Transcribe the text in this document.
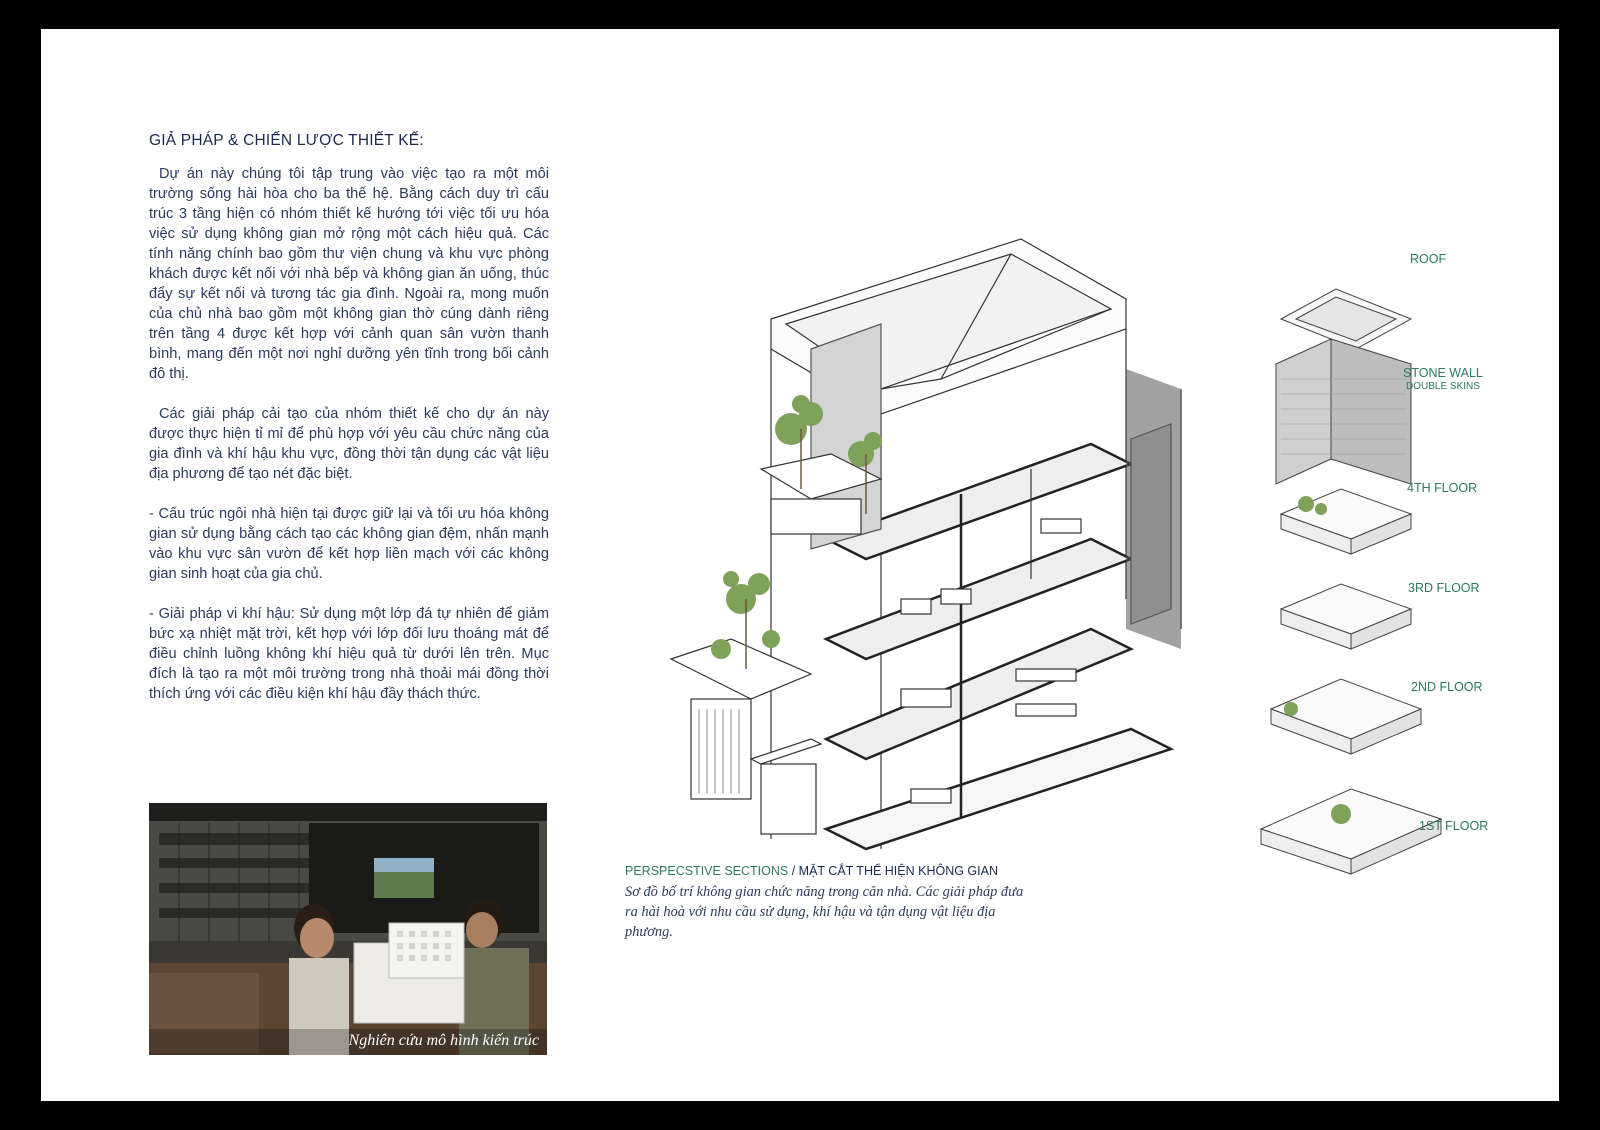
GIẢ PHÁP & CHIẾN LƯỢC THIẾT KẾ:

Dự án này chúng tôi tập trung vào việc tạo ra một môi trường sống hài hòa cho ba thế hệ. Bằng cách duy trì cấu trúc 3 tầng hiện có nhóm thiết kế hướng tới việc tối ưu hóa việc sử dụng không gian mở rộng một cách hiệu quả. Các tính năng chính bao gồm thư viện chung và khu vực phòng khách được kết nối với nhà bếp và không gian ăn uống, thúc đẩy sự kết nối và tương tác gia đình. Ngoài ra, mong muốn của chủ nhà bao gồm một không gian thờ cúng dành riêng trên tầng 4 được kết hợp với cảnh quan sân vườn thanh bình, mang đến một nơi nghỉ dưỡng yên tĩnh trong bối cảnh đô thị.

Các giải pháp cải tạo của nhóm thiết kế cho dự án này được thực hiện tỉ mỉ để phù hợp với yêu cầu chức năng của gia đình và khí hậu khu vực, đồng thời tận dụng các vật liệu địa phương để tạo nét đặc biệt.

- Cấu trúc ngôi nhà hiện tại được giữ lại và tối ưu hóa không gian sử dụng bằng cách tạo các không gian đệm, nhấn mạnh vào khu vực sân vườn để kết hợp liền mạch với các không gian sinh hoạt của gia chủ.

- Giải pháp vi khí hậu: Sử dụng một lớp đá tự nhiên để giảm bức xạ nhiệt mặt trời, kết hợp với lớp đối lưu thoáng mát để điều chỉnh luồng không khí hiệu quả từ dưới lên trên. Mục đích là tạo ra một môi trường trong nhà thoải mái đồng thời thích ứng với các điều kiện khí hậu đầy thách thức.

Nghiên cứu mô hình kiến trúc
ROOF
STONE WALL
DOUBLE SKINS
4TH FLOOR
3RD FLOOR
2ND FLOOR
1ST FLOOR
PERSPECSTIVE SECTIONS / MẶT CẮT THỂ HIỆN KHÔNG GIAN
Sơ đồ bố trí không gian chức năng trong căn nhà. Các giải pháp đưa ra hài hoà với nhu cầu sử dụng, khí hậu và tận dụng vật liệu địa phương.
